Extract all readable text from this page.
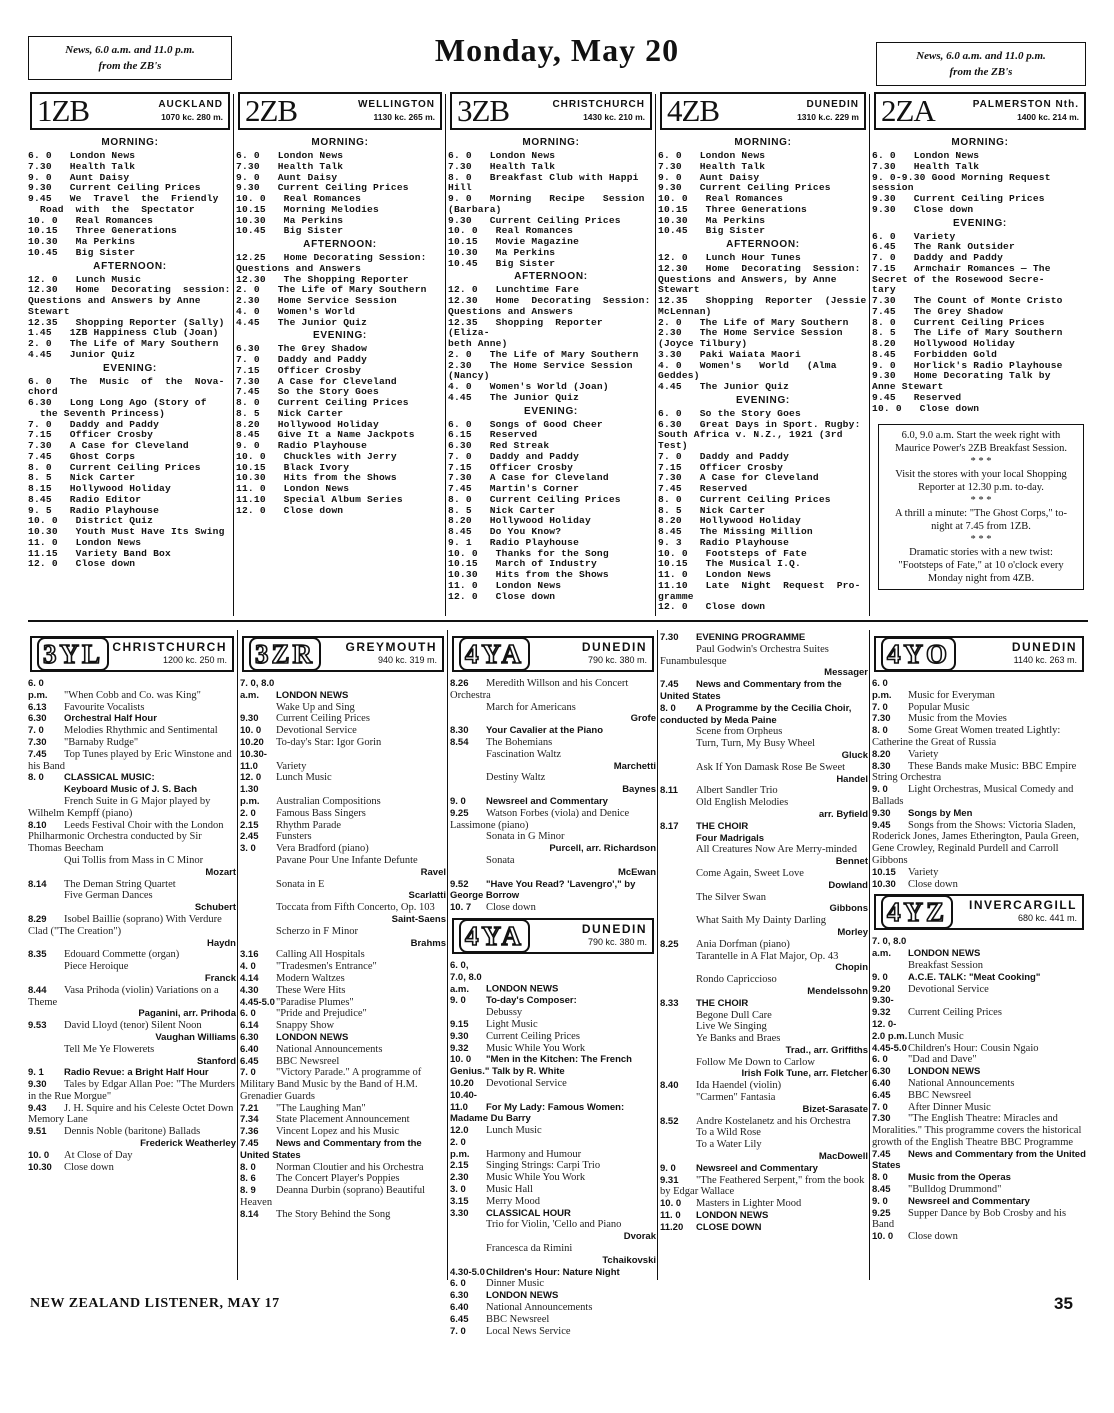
News, 6.0 a.m. and 11.0 p.m.
from the ZB's	Monday, May 20	News, 6.0 a.m. and 11.0 p.m.
from the ZB's
1ZB	AUCKLAND
1070 kc. 280 m.
MORNING:
6. 0   London News
7.30   Health Talk
9. 0   Aunt Daisy
9.30   Current Ceiling Prices
9.45   We  Travel  the  Friendly
Road  with  the  Spectator
10. 0   Real Romances
10.15   Three Generations
10.30   Ma Perkins
10.45   Big Sister
AFTERNOON:
12. 0   Lunch Music
12.30   Home  Decorating  session:
Questions and Answers by Anne
Stewart
12.35   Shopping Reporter (Sally)
1.45   1ZB Happiness Club (Joan)
2. 0   The Life of Mary Southern
4.45   Junior Quiz
EVENING:
6. 0   The  Music  of  the  Nova-
chord
6.30   Long Long Ago (Story of
the Seventh Princess)
7. 0   Daddy and Paddy
7.15   Officer Crosby
7.30   A Case for Cleveland
7.45   Ghost Corps
8. 0   Current Ceiling Prices
8. 5   Nick Carter
8.15   Hollywood Holiday
8.45   Radio Editor
9. 5   Radio Playhouse
10. 0   District Quiz
10.30   Youth Must Have Its Swing
11. 0   London News
11.15   Variety Band Box
12. 0   Close down
2ZB	WELLINGTON
1130 kc. 265 m.
MORNING:
6. 0   London News
7.30   Health Talk
9. 0   Aunt Daisy
9.30   Current Ceiling Prices
10. 0   Real Romances
10.15   Morning Melodies
10.30   Ma Perkins
10.45   Big Sister
AFTERNOON:
12.25   Home Decorating Session:
Questions and Answers
12.30   The Shopping Reporter
2. 0   The Life of Mary Southern
2.30   Home Service Session
4. 0   Women's World
4.45   The Junior Quiz
EVENING:
6.30   The Grey Shadow
7. 0   Daddy and Paddy
7.15   Officer Crosby
7.30   A Case for Cleveland
7.45   So the Story Goes
8. 0   Current Ceiling Prices
8. 5   Nick Carter
8.20   Hollywood Holiday
8.45   Give It a Name Jackpots
9. 0   Radio Playhouse
10. 0   Chuckles with Jerry
10.15   Black Ivory
10.30   Hits from the Shows
11. 0   London News
11.10   Special Album Series
12. 0   Close down
3ZB	CHRISTCHURCH
1430 kc. 210 m.
MORNING:
6. 0   London News
7.30   Health Talk
8. 0   Breakfast Club with Happi
Hill
9. 0   Morning   Recipe   Session
(Barbara)
9.30   Current Ceiling Prices
10. 0   Real Romances
10.15   Movie Magazine
10.30   Ma Perkins
10.45   Big Sister
AFTERNOON:
12. 0   Lunchtime Fare
12.30   Home  Decorating  Session:
Questions and Answers
12.35   Shopping  Reporter  (Eliza-
beth Anne)
2. 0   The Life of Mary Southern
2.30   The Home Service Session
(Nancy)
4. 0   Women's World (Joan)
4.45   The Junior Quiz
EVENING:
6. 0   Songs of Good Cheer
6.15   Reserved
6.30   Red Streak
7. 0   Daddy and Paddy
7.15   Officer Crosby
7.30   A Case for Cleveland
7.45   Martin's Corner
8. 0   Current Ceiling Prices
8. 5   Nick Carter
8.20   Hollywood Holiday
8.45   Do You Know?
9. 1   Radio Playhouse
10. 0   Thanks for the Song
10.15   March of Industry
10.30   Hits from the Shows
11. 0   London News
12. 0   Close down
4ZB	DUNEDIN
1310 k.c. 229 m
MORNING:
6. 0   London News
7.30   Health Talk
9. 0   Aunt Daisy
9.30   Current Ceiling Prices
10. 0   Real Romances
10.15   Three Generations
10.30   Ma Perkins
10.45   Big Sister
AFTERNOON:
12. 0   Lunch Hour Tunes
12.30   Home  Decorating  Session:
Questions and Answers, by Anne
Stewart
12.35   Shopping  Reporter  (Jessie
McLennan)
2. 0   The Life of Mary Southern
2.30   The Home Service Session
(Joyce Tilbury)
3.30   Paki Waiata Maori
4. 0   Women's   World   (Alma
Geddes)
4.45   The Junior Quiz
EVENING:
6. 0   So the Story Goes
6.30   Great Days in Sport. Rugby:
South Africa v. N.Z., 1921 (3rd
Test)
7. 0   Daddy and Paddy
7.15   Officer Crosby
7.30   A Case for Cleveland
7.45   Reserved
8. 0   Current Ceiling Prices
8. 5   Nick Carter
8.20   Hollywood Holiday
8.45   The Missing Million
9. 3   Radio Playhouse
10. 0   Footsteps of Fate
10.15   The Musical I.Q.
11. 0   London News
11.10   Late  Night  Request  Pro-
gramme
12. 0   Close down
2ZA	PALMERSTON Nth.
1400 kc. 214 m.
MORNING:
6. 0   London News
7.30   Health Talk
9. 0-9.30 Good Morning Request
session
9.30   Current Ceiling Prices
9.30   Close down
EVENING:
6. 0   Variety
6.45   The Rank Outsider
7. 0   Daddy and Paddy
7.15   Armchair Romances — The
Secret of the Rosewood Secre-
tary
7.30   The Count of Monte Cristo
7.45   The Grey Shadow
8. 0   Current Ceiling Prices
8. 5   The Life of Mary Southern
8.20   Hollywood Holiday
8.45   Forbidden Gold
9. 0   Horlick's Radio Playhouse
9.30   Home Decorating Talk by
Anne Stewart
9.45   Reserved
10. 0   Close down
6.0, 9.0 a.m. Start the week right with Maurice Power's 2ZB Breakfast Session.
* * *
Visit the stores with your local Shopping Reporter at 12.30 p.m. to-day.
* * *
A thrill a minute: "The Ghost Corps," to-night at 7.45 from 1ZB.
* * *
Dramatic stories with a new twist: "Footsteps of Fate," at 10 o'clock every Monday night from 4ZB.
3YL CHRISTCHURCH
1200 kc. 250 m.
6. 0 p.m. "When Cobb and Co. was King"
6.13 Favourite Vocalists
6.30 Orchestral Half Hour
7. 0 Melodies Rhythmic and Sentimental
7.30 "Barnaby Rudge"
7.45 Top Tunes played by Eric Winstone and his Band
8. 0 CLASSICAL MUSIC:
Keyboard Music of J. S. Bach
French Suite in G Major played by Wilhelm Kempff (piano)
8.10 Leeds Festival Choir with the London Philharmonic Orchestra conducted by Sir Thomas Beecham
Qui Tollis from Mass in C Minor
Mozart
8.14 The Deman String Quartet
Five German Dances
Schubert
8.29 Isobel Baillie (soprano) With Verdure Clad ("The Creation")
Haydn
8.35 Edouard Commette (organ)
Piece Heroique
Franck
8.44 Vasa Prihoda (violin) Variations on a Theme
Paganini, arr. Prihoda
9.53 David Lloyd (tenor) Silent Noon
Vaughan Williams
Tell Me Ye Flowerets
Stanford
9. 1 Radio Revue: a Bright Half Hour
9.30 Tales by Edgar Allan Poe: "The Murders in the Rue Morgue"
9.43 J. H. Squire and his Celeste Octet Down Memory Lane
9.51 Dennis Noble (baritone) Ballads
Frederick Weatherley
10. 0 At Close of Day
10.30 Close down
3ZR	GREYMOUTH
940 kc. 319 m.
7. 0, 8.0 a.m. LONDON NEWS
Wake Up and Sing
9.30 Current Ceiling Prices
10. 0 Devotional Service
10.20 To-day's Star: Igor Gorin
10.30-11.0 Variety
12. 0 Lunch Music
1.30 p.m. Australian Compositions
2. 0 Famous Bass Singers
2.15 Rhythm Parade
2.45 Funsters
3. 0 Vera Bradford (piano)
Pavane Pour Une Infante Defunte
Ravel
Sonata in E
Scarlatti
Toccata from Fifth Concerto, Op. 103
Saint-Saens
Scherzo in F Minor
Brahms
3.16 Calling All Hospitals
4. 0 "Tradesmen's Entrance"
4.14 Modern Waltzes
4.30 These Were Hits
4.45-5.0"Paradise Plumes"
6. 0 "Pride and Prejudice"
6.14 Snappy Show
6.30 LONDON NEWS
6.40 National Announcements
6.45 BBC Newsreel
7. 0 "Victory Parade." A programme of Military Band Music by the Band of H.M. Grenadier Guards
7.21 "The Laughing Man"
7.34 State Placement Announcement
7.36 Vincent Lopez and his Music
7.45 News and Commentary from the United States
8. 0 Norman Cloutier and his Orchestra
8. 6 The Concert Player's Poppies
8. 9 Deanna Durbin (soprano) Beautiful Heaven
8.14 The Story Behind the Song
4YA	DUNEDIN
790 kc. 380 m.
8.26 Meredith Willson and his Concert Orchestra
March for Americans
Grofe
8.30 Your Cavalier at the Piano
8.54 The Bohemians
Fascination Waltz
Marchetti
Destiny Waltz
Baynes
9. 0 Newsreel and Commentary
9.25 Watson Forbes (viola) and Denice Lassimone (piano)
Sonata in G Minor
Purcell, arr. Richardson
Sonata
McEwan
9.52 "Have You Read? 'Lavengro'," by George Borrow
10. 7 Close down
4YA	DUNEDIN
790 kc. 380 m.
6. 0, 7.0, 8.0 a.m. LONDON NEWS
9. 0 To-day's Composer:
Debussy
9.15 Light Music
9.30 Current Ceiling Prices
9.32 Music While You Work
10. 0 "Men in the Kitchen: The French Genius." Talk by R. White
10.20 Devotional Service
10.40-11.0 For My Lady: Famous Women: Madame Du Barry
12.0 Lunch Music
2. 0 p.m. Harmony and Humour
2.15 Singing Strings: Carpi Trio
2.30 Music While You Work
3. 0 Music Hall
3.15 Merry Mood
3.30 CLASSICAL HOUR
Trio for Violin, 'Cello and Piano
Dvorak
Francesca da Rimini
Tchaikovski
4.30-5.0Children's Hour: Nature Night
6. 0 Dinner Music
6.30 LONDON NEWS
6.40 National Announcements
6.45 BBC Newsreel
7. 0 Local News Service
7.30 EVENING PROGRAMME
Paul Godwin's Orchestra Suites Funambulesque
Messager
7.45 News and Commentary from the United States
8. 0 A Programme by the Cecilia Choir, conducted by Meda Paine
Scene from Orpheus
Turn, Turn, My Busy Wheel
Gluck
Ask If Yon Damask Rose Be Sweet
Handel
8.11 Albert Sandler Trio
Old English Melodies
arr. Byfield
8.17 THE CHOIR
Four Madrigals
All Creatures Now Are Merry-minded
Bennet
Come Again, Sweet Love
Dowland
The Silver Swan
Gibbons
What Saith My Dainty Darling
Morley
8.25 Ania Dorfman (piano)
Tarantelle in A Flat Major, Op. 43
Chopin
Rondo Capriccioso
Mendelssohn
8.33 THE CHOIR
Begone Dull Care
Live We Singing
Ye Banks and Braes
Trad., arr. Griffiths
Follow Me Down to Carlow
Irish Folk Tune, arr. Fletcher
8.40 Ida Haendel (violin)
"Carmen" Fantasia
Bizet-Sarasate
8.52 Andre Kostelanetz and his Orchestra
To a Wild Rose
To a Water Lily
MacDowell
9. 0 Newsreel and Commentary
9.31 "The Feathered Serpent," from the book by Edgar Wallace
10. 0 Masters in Lighter Mood
11. 0 LONDON NEWS
11.20 CLOSE DOWN
4YO	DUNEDIN
1140 kc. 263 m.
6. 0 p.m. Music for Everyman
7. 0 Popular Music
7.30 Music from the Movies
8. 0 Some Great Women treated Lightly: Catherine the Great of Russia
8.20 Variety
8.30 These Bands make Music: BBC Empire String Orchestra
9. 0 Light Orchestras, Musical Comedy and Ballads
9.30 Songs by Men
9.45 Songs from the Shows: Victoria Sladen, Roderick Jones, James Etherington, Paula Green, Gene Crowley, Reginald Purdell and Carroll Gibbons
10.15 Variety
10.30 Close down
4YZ	INVERCARGILL
680 kc. 441 m.
7. 0, 8.0 a.m. LONDON NEWS
Breakfast Session
9. 0 A.C.E. TALK: "Meat Cooking"
9.20 Devotional Service
9.30-9.32 Current Ceiling Prices
12. 0-2.0 p.m.Lunch Music
4.45-5.0Children's Hour: Cousin Ngaio
6. 0 "Dad and Dave"
6.30 LONDON NEWS
6.40 National Announcements
6.45 BBC Newsreel
7. 0 After Dinner Music
7.30 "The English Theatre: Miracles and Moralities." This programme covers the historical growth of the English Theatre BBC Programme
7.45 News and Commentary from the United States
8. 0 Music from the Operas
8.45 "Bulldog Drummond"
9. 0 Newsreel and Commentary
9.25 Supper Dance by Bob Crosby and his Band
10. 0 Close down
NEW ZEALAND LISTENER, MAY 17	35
